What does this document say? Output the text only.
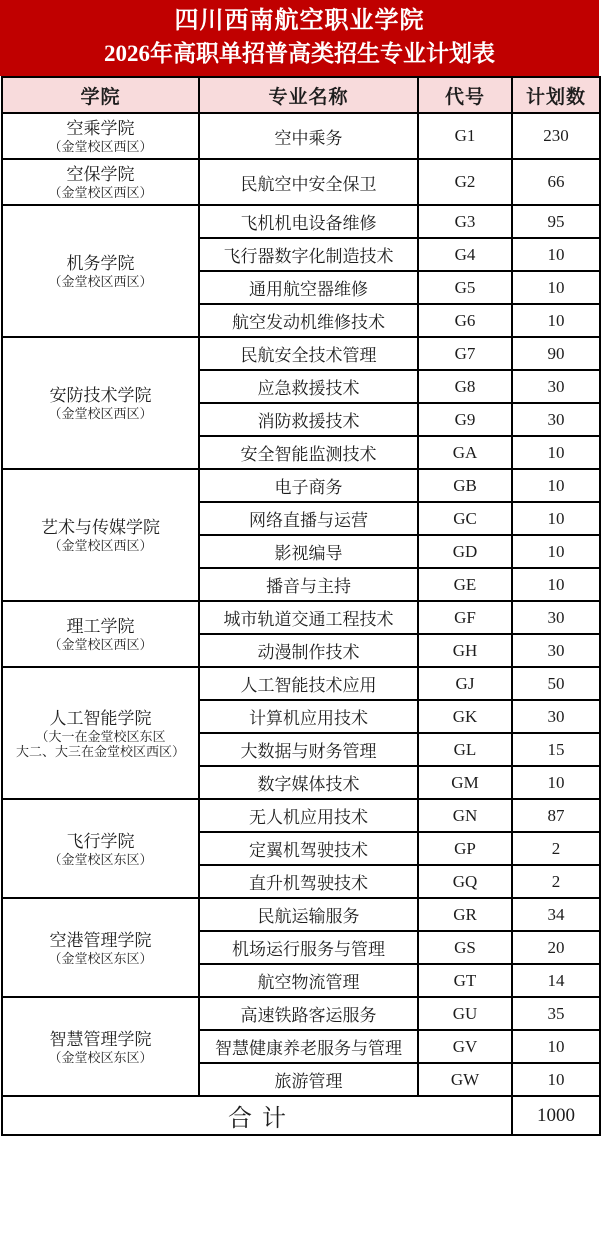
四川西南航空职业学院
2026年高职单招普高类招生专业计划表
学院	专业名称	代号	计划数

空乘学院
（金堂校区西区）	空中乘务	G1	230

空保学院
（金堂校区西区）	民航空中安全保卫	G2	66

机务学院
（金堂校区西区）	飞机机电设备维修	G3	95
	飞行器数字化制造技术	G4	10
	通用航空器维修	G5	10
	航空发动机维修技术	G6	10

安防技术学院
（金堂校区西区）	民航安全技术管理	G7	90
	应急救援技术	G8	30
	消防救援技术	G9	30
	安全智能监测技术	GA	10

艺术与传媒学院
（金堂校区西区）	电子商务	GB	10
	网络直播与运营	GC	10
	影视编导	GD	10
	播音与主持	GE	10

理工学院
（金堂校区西区）	城市轨道交通工程技术	GF	30
	动漫制作技术	GH	30

人工智能学院
（大一在金堂校区东区
大二、大三在金堂校区西区）	人工智能技术应用	GJ	50
	计算机应用技术	GK	30
	大数据与财务管理	GL	15
	数字媒体技术	GM	10

飞行学院
（金堂校区东区）	无人机应用技术	GN	87
	定翼机驾驶技术	GP	2
	直升机驾驶技术	GQ	2

空港管理学院
（金堂校区东区）	民航运输服务	GR	34
	机场运行服务与管理	GS	20
	航空物流管理	GT	14

智慧管理学院
（金堂校区东区）	高速铁路客运服务	GU	35
	智慧健康养老服务与管理	GV	10
	旅游管理	GW	10
合计			1000
